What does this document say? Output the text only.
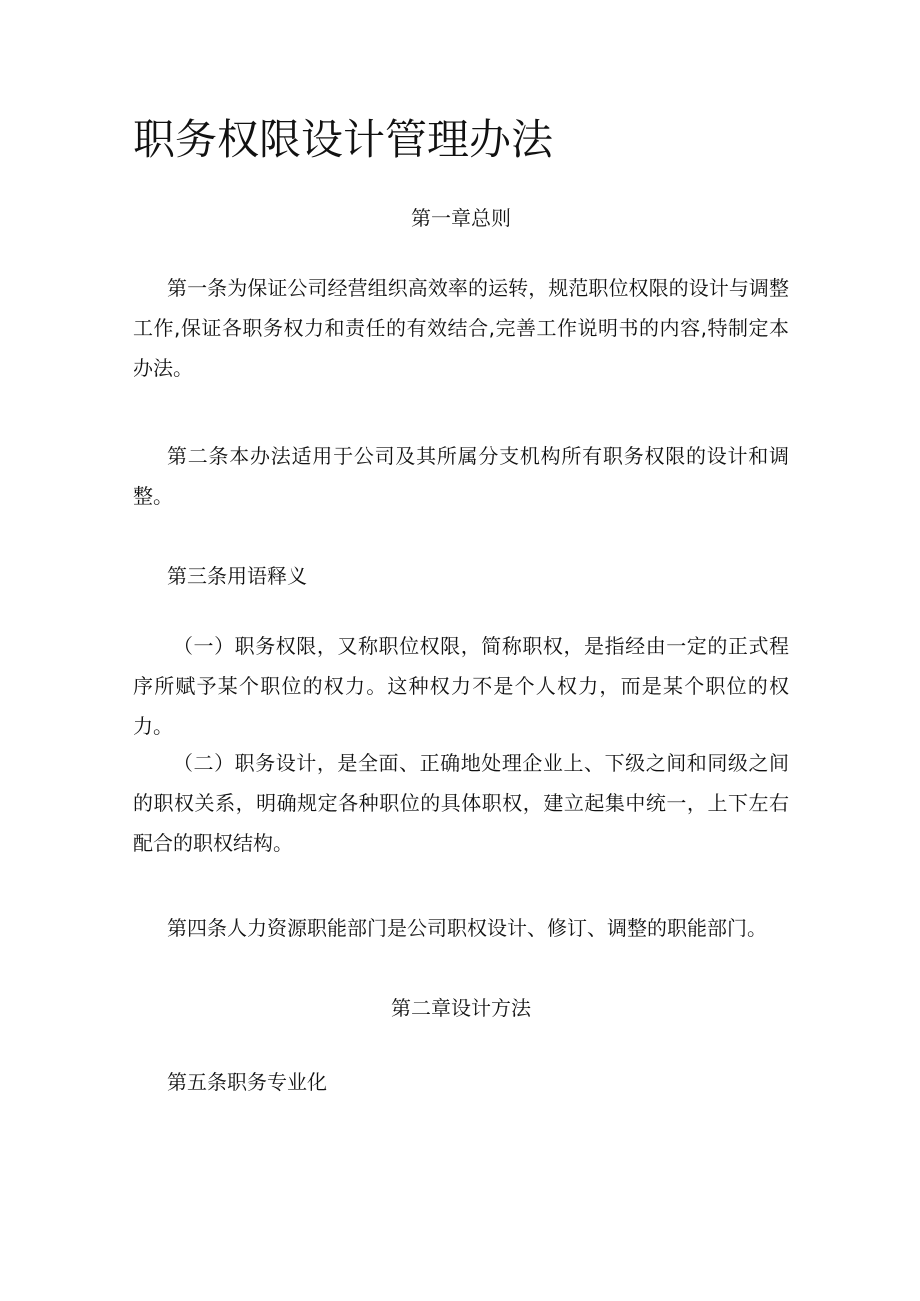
职务权限设计管理办法
第一章总则

第一条为保证公司经营组织高效率的运转，规范职位权限的设计与调整工作,保证各职务权力和责任的有效结合,完善工作说明书的内容,特制定本办法。

第二条本办法适用于公司及其所属分支机构所有职务权限的设计和调整。

第三条用语释义

（一）职务权限，又称职位权限，简称职权，是指经由一定的正式程序所赋予某个职位的权力。这种权力不是个人权力，而是某个职位的权力。

（二）职务设计，是全面、正确地处理企业上、下级之间和同级之间的职权关系，明确规定各种职位的具体职权，建立起集中统一，上下左右配合的职权结构。

第四条人力资源职能部门是公司职权设计、修订、调整的职能部门。

第二章设计方法

第五条职务专业化
